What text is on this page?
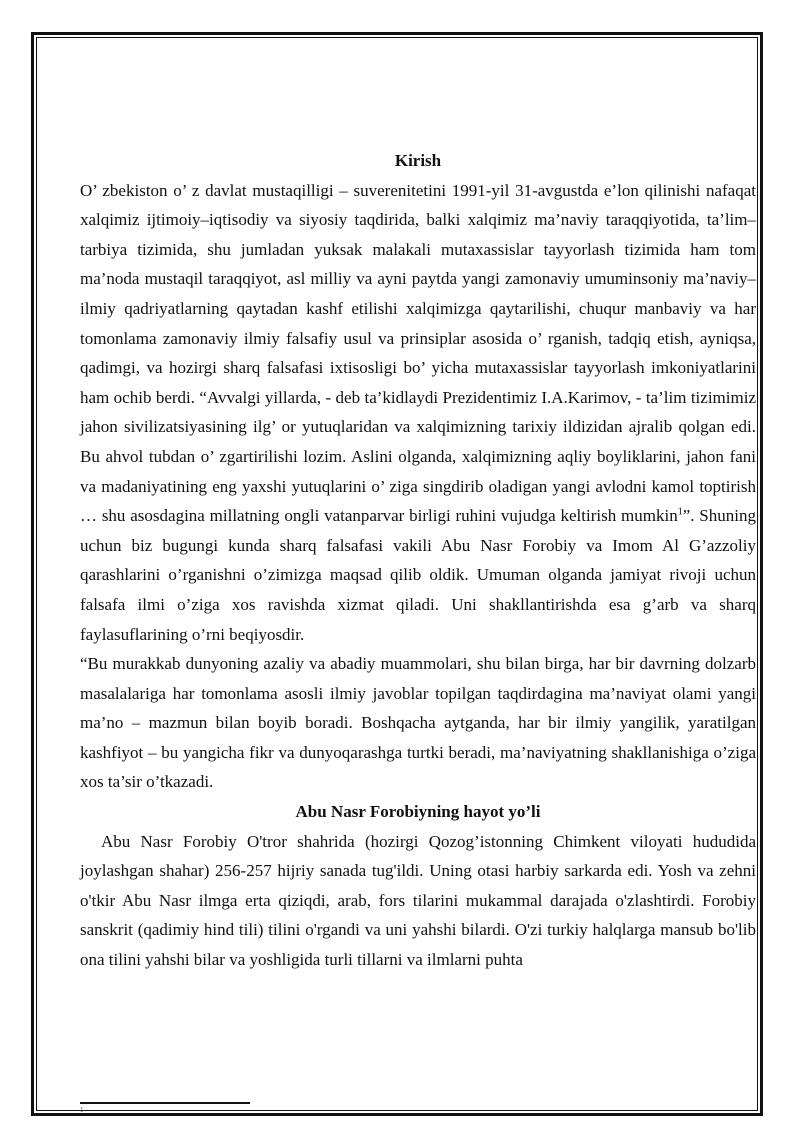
Kirish

O’ zbekiston o’ z davlat mustaqilligi – suverenitetini 1991-yil 31-avgustda e’lon qilinishi nafaqat xalqimiz ijtimoiy–iqtisodiy va siyosiy taqdirida, balki xalqimiz ma’naviy taraqqiyotida, ta’lim–tarbiya tizimida, shu jumladan yuksak malakali mutaxassislar tayyorlash tizimida ham tom ma’noda mustaqil taraqqiyot, asl milliy va ayni paytda yangi zamonaviy umuminsoniy ma’naviy–ilmiy qadriyatlarning qaytadan kashf etilishi xalqimizga qaytarilishi, chuqur manbaviy va har tomonlama zamonaviy ilmiy falsafiy usul va prinsiplar asosida o’ rganish, tadqiq etish, ayniqsa, qadimgi, va hozirgi sharq falsafasi ixtisosligi bo’ yicha mutaxassislar tayyorlash imkoniyatlarini ham ochib berdi. “Avvalgi yillarda, - deb ta’kidlaydi Prezidentimiz I.A.Karimov, - ta’lim tizimimiz jahon sivilizatsiyasining ilg’ or yutuqlaridan va xalqimizning tarixiy ildizidan ajralib qolgan edi. Bu ahvol tubdan o’ zgartirilishi lozim. Aslini olganda, xalqimizning aqliy boyliklarini, jahon fani va madaniyatining eng yaxshi yutuqlarini o’ ziga singdirib oladigan yangi avlodni kamol toptirish … shu asosdagina millatning ongli vatanparvar birligi ruhini vujudga keltirish mumkin$^1$”. Shuning uchun biz bugungi kunda sharq falsafasi vakili Abu Nasr Forobiy va Imom Al G’azzoliy qarashlarini o’rganishni o’zimizga maqsad qilib oldik. Umuman olganda jamiyat rivoji uchun falsafa ilmi o’ziga xos ravishda xizmat qiladi. Uni shakllantirishda esa g’arb va sharq faylasuflarining o’rni beqiyosdir.

“Bu murakkab dunyoning azaliy va abadiy muammolari, shu bilan birga, har bir davrning dolzarb masalalariga har tomonlama asosli ilmiy javoblar topilgan taqdirdagina ma’naviyat olami yangi ma’no – mazmun bilan boyib boradi. Boshqacha aytganda, har bir ilmiy yangilik, yaratilgan kashfiyot – bu yangicha fikr va dunyoqarashga turtki beradi, ma’naviyatning shakllanishiga o’ziga xos ta’sir o’tkazadi.

Abu Nasr Forobiyning hayot yo’li

Abu Nasr Forobiy O'tror shahrida (hozirgi Qozog’istonning Chimkent viloyati hududida joylashgan shahar) 256-257 hijriy sanada tug'ildi. Uning otasi harbiy sarkarda edi. Yosh va zehni o'tkir Abu Nasr ilmga erta qiziqdi, arab, fors tilarini mukammal darajada o'zlashtirdi. Forobiy sanskrit (qadimiy hind tili) tilini o'rgandi va uni yahshi bilardi. O'zi turkiy halqlarga mansub bo'lib ona tilini yahshi bilar va yoshligida turli tillarni va ilmlarni puhta

1
